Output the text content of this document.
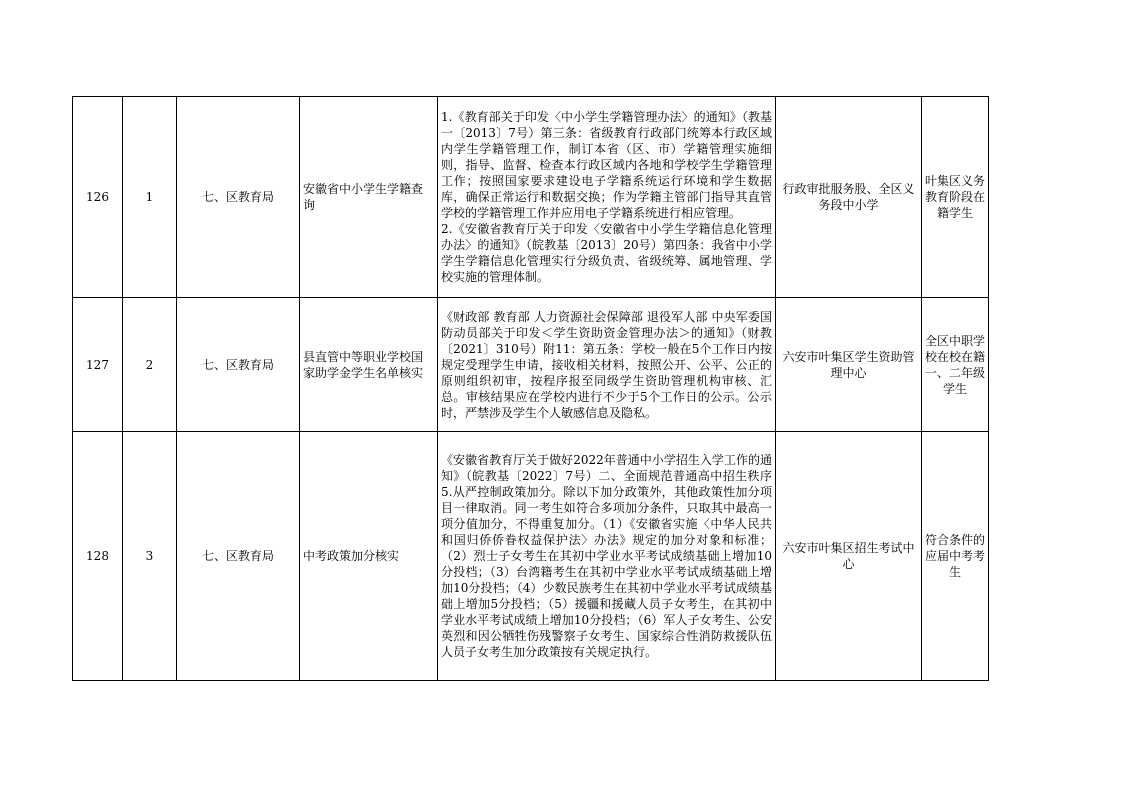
126	1	七、区教育局	安徽省中小学生学籍查询	1.《教育部关于印发〈中小学生学籍管理办法〉的通知》（教基一〔2013〕7号）第三条：省级教育行政部门统筹本行政区域内学生学籍管理工作，制订本省（区、市）学籍管理实施细则，指导、监督、检查本行政区域内各地和学校学生学籍管理工作；按照国家要求建设电子学籍系统运行环境和学生数据库，确保正常运行和数据交换；作为学籍主管部门指导其直管学校的学籍管理工作并应用电子学籍系统进行相应管理。

2.《安徽省教育厅关于印发〈安徽省中小学生学籍信息化管理办法〉的通知》（皖教基〔2013〕20号）第四条：我省中小学学生学籍信息化管理实行分级负责、省级统筹、属地管理、学校实施的管理体制。	行政审批服务股、全区义务段中小学	叶集区义务教育阶段在籍学生
127	2	七、区教育局	县直管中等职业学校国家助学金学生名单核实	《财政部 教育部 人力资源社会保障部 退役军人部 中央军委国防动员部关于印发＜学生资助资金管理办法＞的通知》（财教〔2021〕310号）附11：第五条：学校一般在5个工作日内按规定受理学生申请，接收相关材料，按照公开、公平、公正的原则组织初审，按程序报至同级学生资助管理机构审核、汇总。审核结果应在学校内进行不少于5个工作日的公示。公示时，严禁涉及学生个人敏感信息及隐私。	六安市叶集区学生资助管理中心	全区中职学校在校在籍一、二年级学生
128	3	七、区教育局	中考政策加分核实	《安徽省教育厅关于做好2022年普通中小学招生入学工作的通知》（皖教基〔2022〕7号）二、全面规范普通高中招生秩序 5.从严控制政策加分。除以下加分政策外，其他政策性加分项目一律取消。同一考生如符合多项加分条件，只取其中最高一项分值加分，不得重复加分。（1）《安徽省实施〈中华人民共和国归侨侨眷权益保护法〉办法》规定的加分对象和标准；（2）烈士子女考生在其初中学业水平考试成绩基础上增加10分投档；（3）台湾籍考生在其初中学业水平考试成绩基础上增加10分投档；（4）少数民族考生在其初中学业水平考试成绩基础上增加5分投档；（5）援疆和援藏人员子女考生，在其初中学业水平考试成绩上增加10分投档；（6）军人子女考生、公安英烈和因公牺牲伤残警察子女考生、国家综合性消防救援队伍人员子女考生加分政策按有关规定执行。	六安市叶集区招生考试中心	符合条件的应届中考考生
